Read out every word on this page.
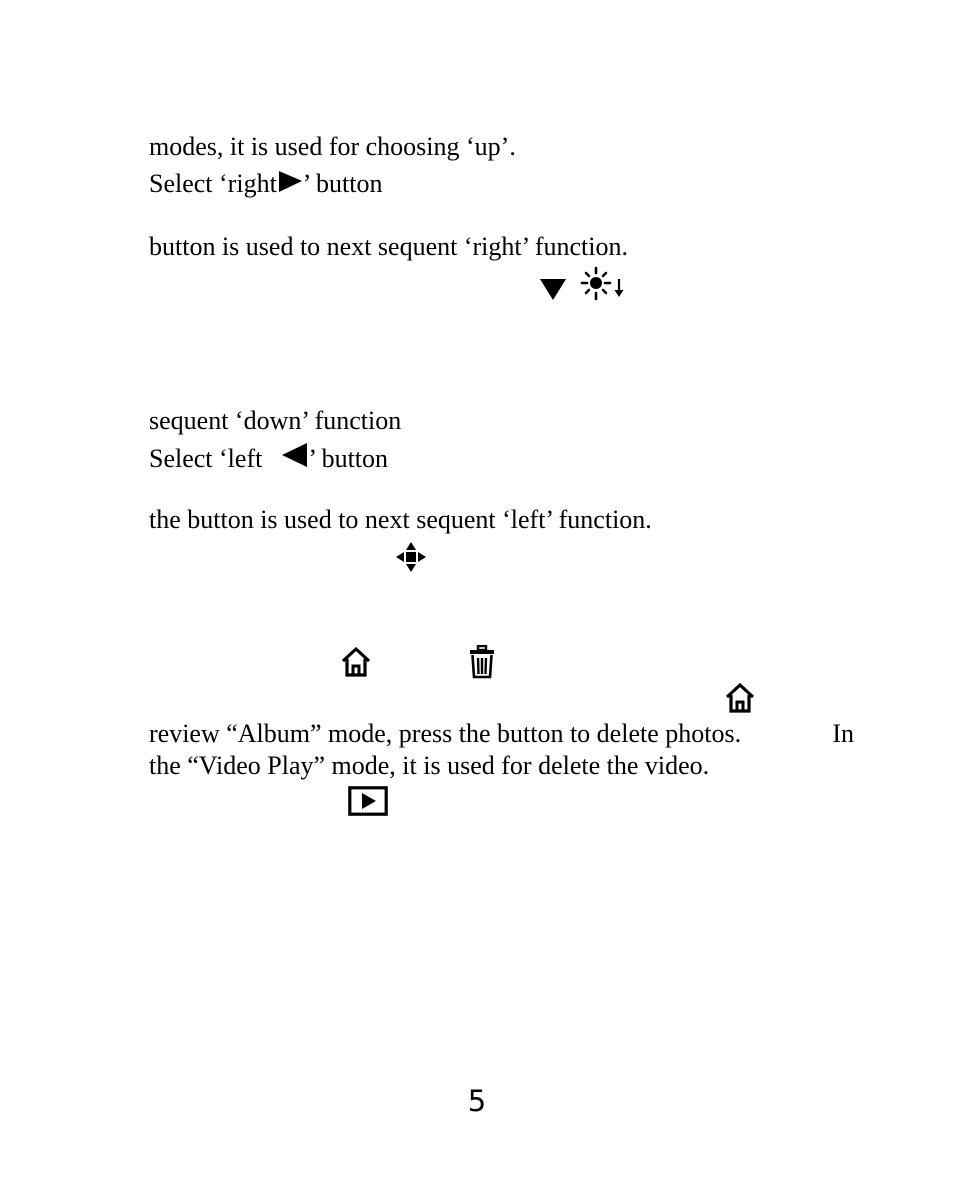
modes, it is used for choosing ‘up’.
Select ‘right ’ button
button is used to next sequent ‘right’ function.
sequent ‘down’ function
Select ‘left ’ button
the button is used to next sequent ‘left’ function.
review “Album” mode, press the button to delete photos.	In
the “Video Play” mode, it is used for delete the video.
5
